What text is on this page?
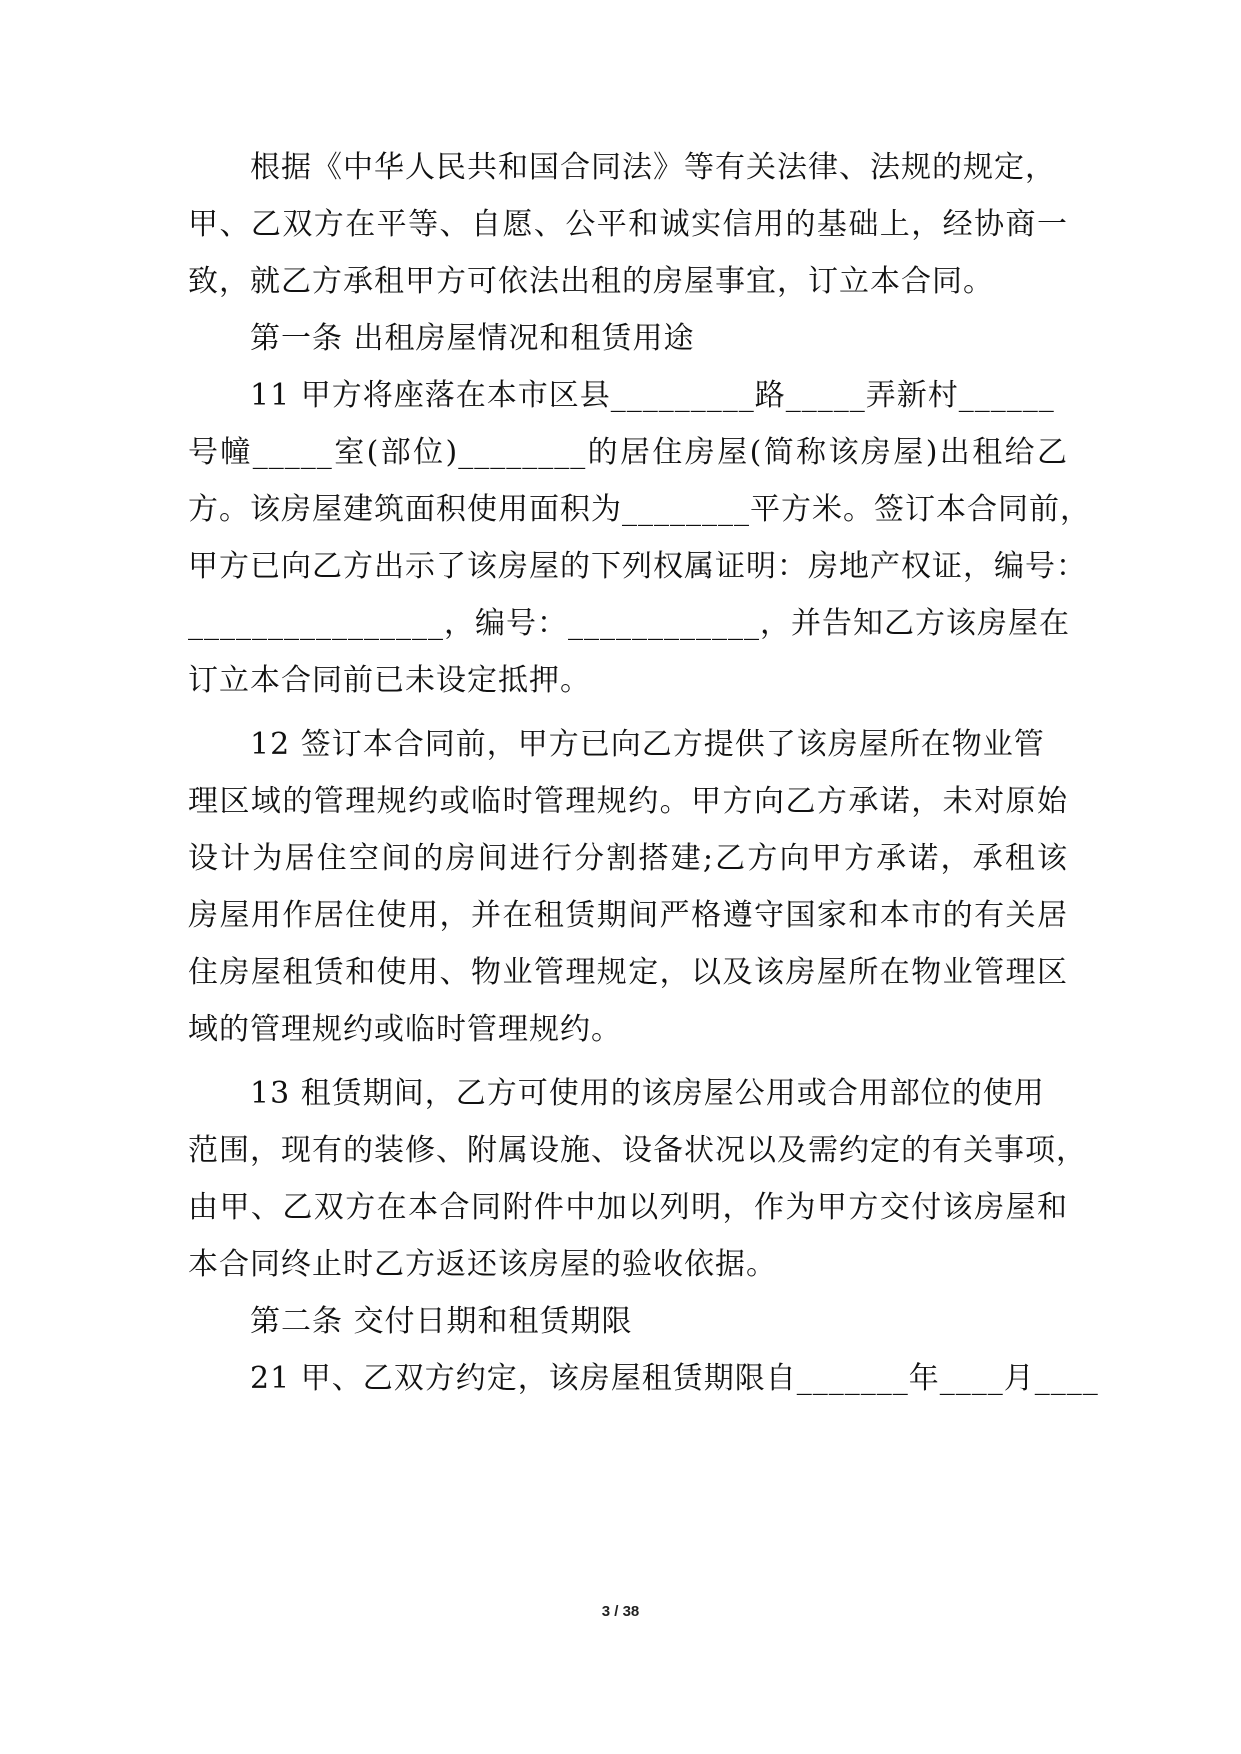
根据《中华人民共和国合同法》等有关法律、法规的规定，
甲、乙双方在平等、自愿、公平和诚实信用的基础上，经协商一
致，就乙方承租甲方可依法出租的房屋事宜，订立本合同。
第一条 出租房屋情况和租赁用途
11 甲方将座落在本市区县_________路_____弄新村______
号幢_____室(部位)________的居住房屋(简称该房屋)出租给乙
方。该房屋建筑面积使用面积为________平方米。签订本合同前，
甲方已向乙方出示了该房屋的下列权属证明：房地产权证，编号：
________________，编号：____________，并告知乙方该房屋在
订立本合同前已未设定抵押。
12 签订本合同前，甲方已向乙方提供了该房屋所在物业管
理区域的管理规约或临时管理规约。甲方向乙方承诺，未对原始
设计为居住空间的房间进行分割搭建;乙方向甲方承诺，承租该
房屋用作居住使用，并在租赁期间严格遵守国家和本市的有关居
住房屋租赁和使用、物业管理规定，以及该房屋所在物业管理区
域的管理规约或临时管理规约。
13 租赁期间，乙方可使用的该房屋公用或合用部位的使用
范围，现有的装修、附属设施、设备状况以及需约定的有关事项，
由甲、乙双方在本合同附件中加以列明，作为甲方交付该房屋和
本合同终止时乙方返还该房屋的验收依据。
第二条 交付日期和租赁期限
21 甲、乙双方约定，该房屋租赁期限自_______年____月____
3 / 38
